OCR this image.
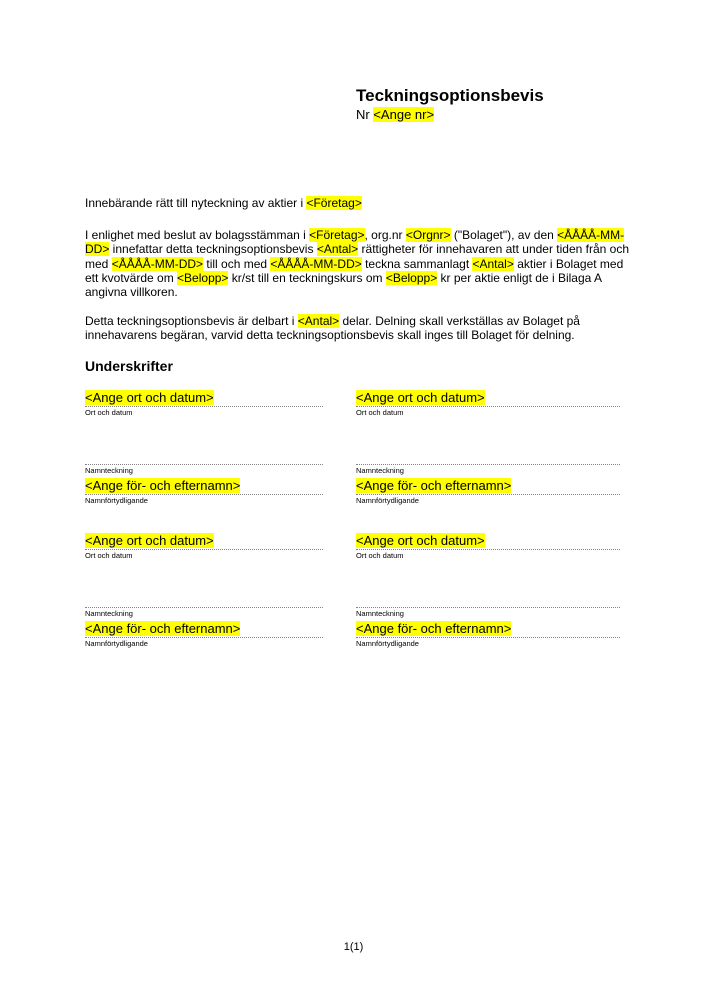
Teckningsoptionsbevis
Nr <Ange nr>

Innebärande rätt till nyteckning av aktier i <Företag>

I enlighet med beslut av bolagsstämman i <Företag>, org.nr <Orgnr> ("Bolaget"), av den <ÅÅÅÅ-MM-DD> innefattar detta teckningsoptionsbevis <Antal> rättigheter för innehavaren att under tiden från och med <ÅÅÅÅ-MM-DD> till och med <ÅÅÅÅ-MM-DD> teckna sammanlagt <Antal> aktier i Bolaget med ett kvotvärde om <Belopp> kr/st till en teckningskurs om <Belopp> kr per aktie enligt de i Bilaga A angivna villkoren.

Detta teckningsoptionsbevis är delbart i <Antal> delar. Delning skall verkställas av Bolaget på innehavarens begäran, varvid detta teckningsoptionsbevis skall inges till Bolaget för delning.

Underskrifter
<Ange ort och datum>
Ort och datum
Namnteckning
<Ange för- och efternamn>
Namnförtydligande
<Ange ort och datum>
Ort och datum
Namnteckning
<Ange för- och efternamn>
Namnförtydligande
<Ange ort och datum>
Ort och datum
Namnteckning
<Ange för- och efternamn>
Namnförtydligande
<Ange ort och datum>
Ort och datum
Namnteckning
<Ange för- och efternamn>
Namnförtydligande
1(1)
